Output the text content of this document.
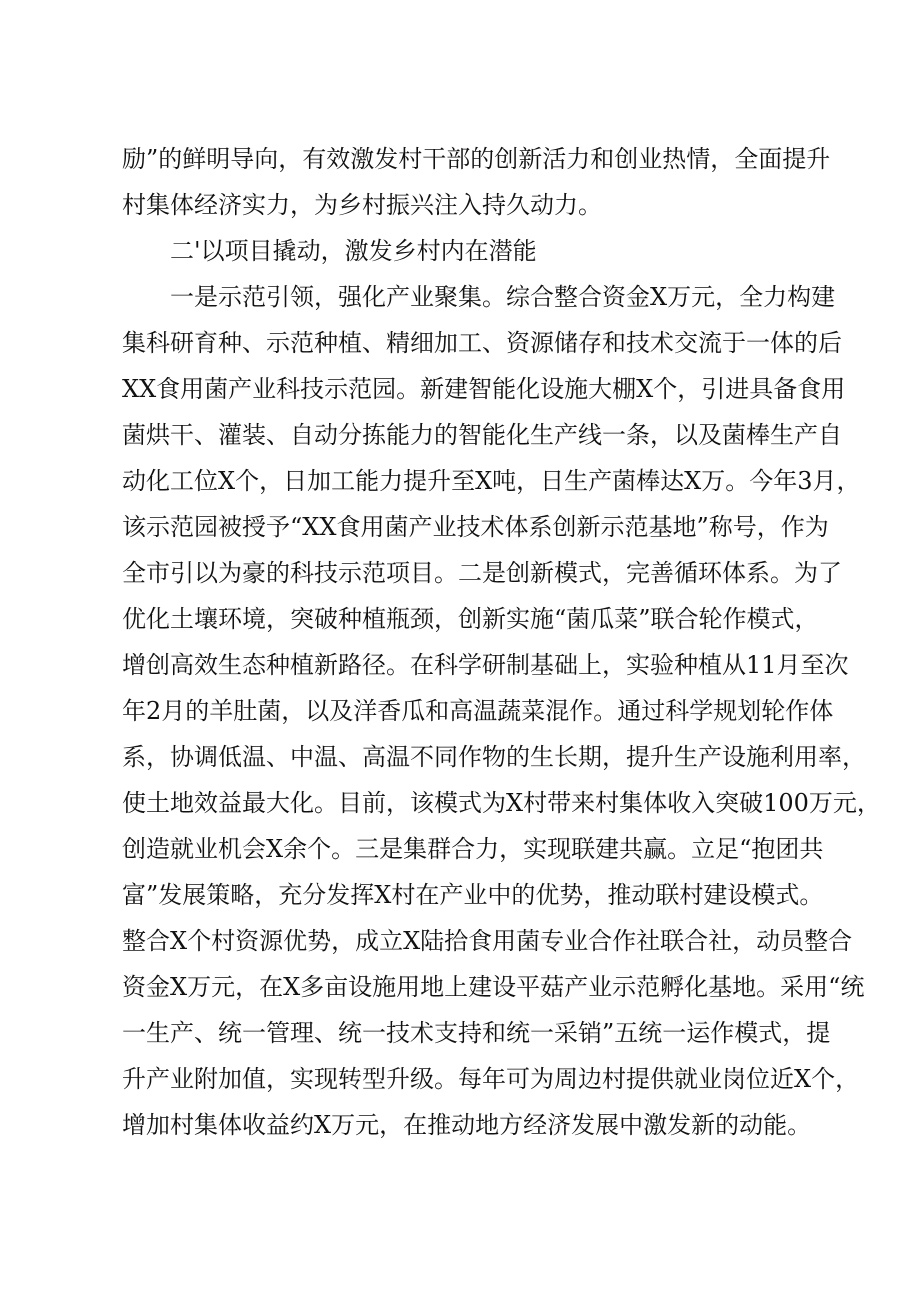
励”的鲜明导向，有效激发村干部的创新活力和创业热情，全面提升
村集体经济实力，为乡村振兴注入持久动力。
二'以项目撬动，激发乡村内在潜能
一是示范引领，强化产业聚集。综合整合资金X万元，全力构建
集科研育种、示范种植、精细加工、资源储存和技术交流于一体的后
XX食用菌产业科技示范园。新建智能化设施大棚X个，引进具备食用
菌烘干、灌装、自动分拣能力的智能化生产线一条，以及菌棒生产自
动化工位X个，日加工能力提升至X吨，日生产菌棒达X万。今年3月，
该示范园被授予“XX食用菌产业技术体系创新示范基地”称号，作为
全市引以为豪的科技示范项目。二是创新模式，完善循环体系。为了
优化土壤环境，突破种植瓶颈，创新实施“菌瓜菜”联合轮作模式，
增创高效生态种植新路径。在科学研制基础上，实验种植从11月至次
年2月的羊肚菌，以及洋香瓜和高温蔬菜混作。通过科学规划轮作体
系，协调低温、中温、高温不同作物的生长期，提升生产设施利用率，
使土地效益最大化。目前，该模式为X村带来村集体收入突破100万元，
创造就业机会X余个。三是集群合力，实现联建共赢。立足“抱团共
富”发展策略，充分发挥X村在产业中的优势，推动联村建设模式。
整合X个村资源优势，成立X陆拾食用菌专业合作社联合社，动员整合
资金X万元，在X多亩设施用地上建设平菇产业示范孵化基地。采用“统
一生产、统一管理、统一技术支持和统一采销”五统一运作模式，提
升产业附加值，实现转型升级。每年可为周边村提供就业岗位近X个，
增加村集体收益约X万元，在推动地方经济发展中激发新的动能。
